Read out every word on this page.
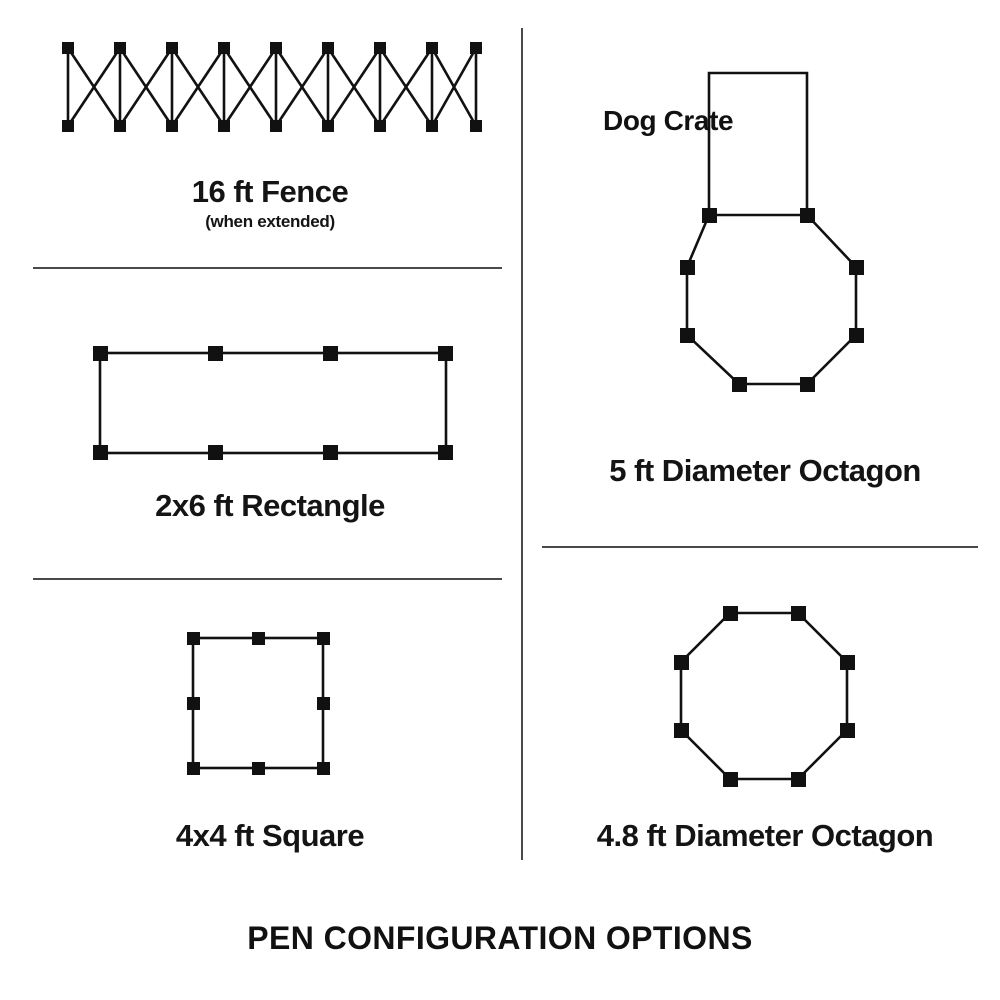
16 ft Fence
(when extended)
2x6 ft Rectangle
4x4 ft Square
Dog Crate
5 ft Diameter Octagon
4.8 ft Diameter Octagon
PEN CONFIGURATION OPTIONS
